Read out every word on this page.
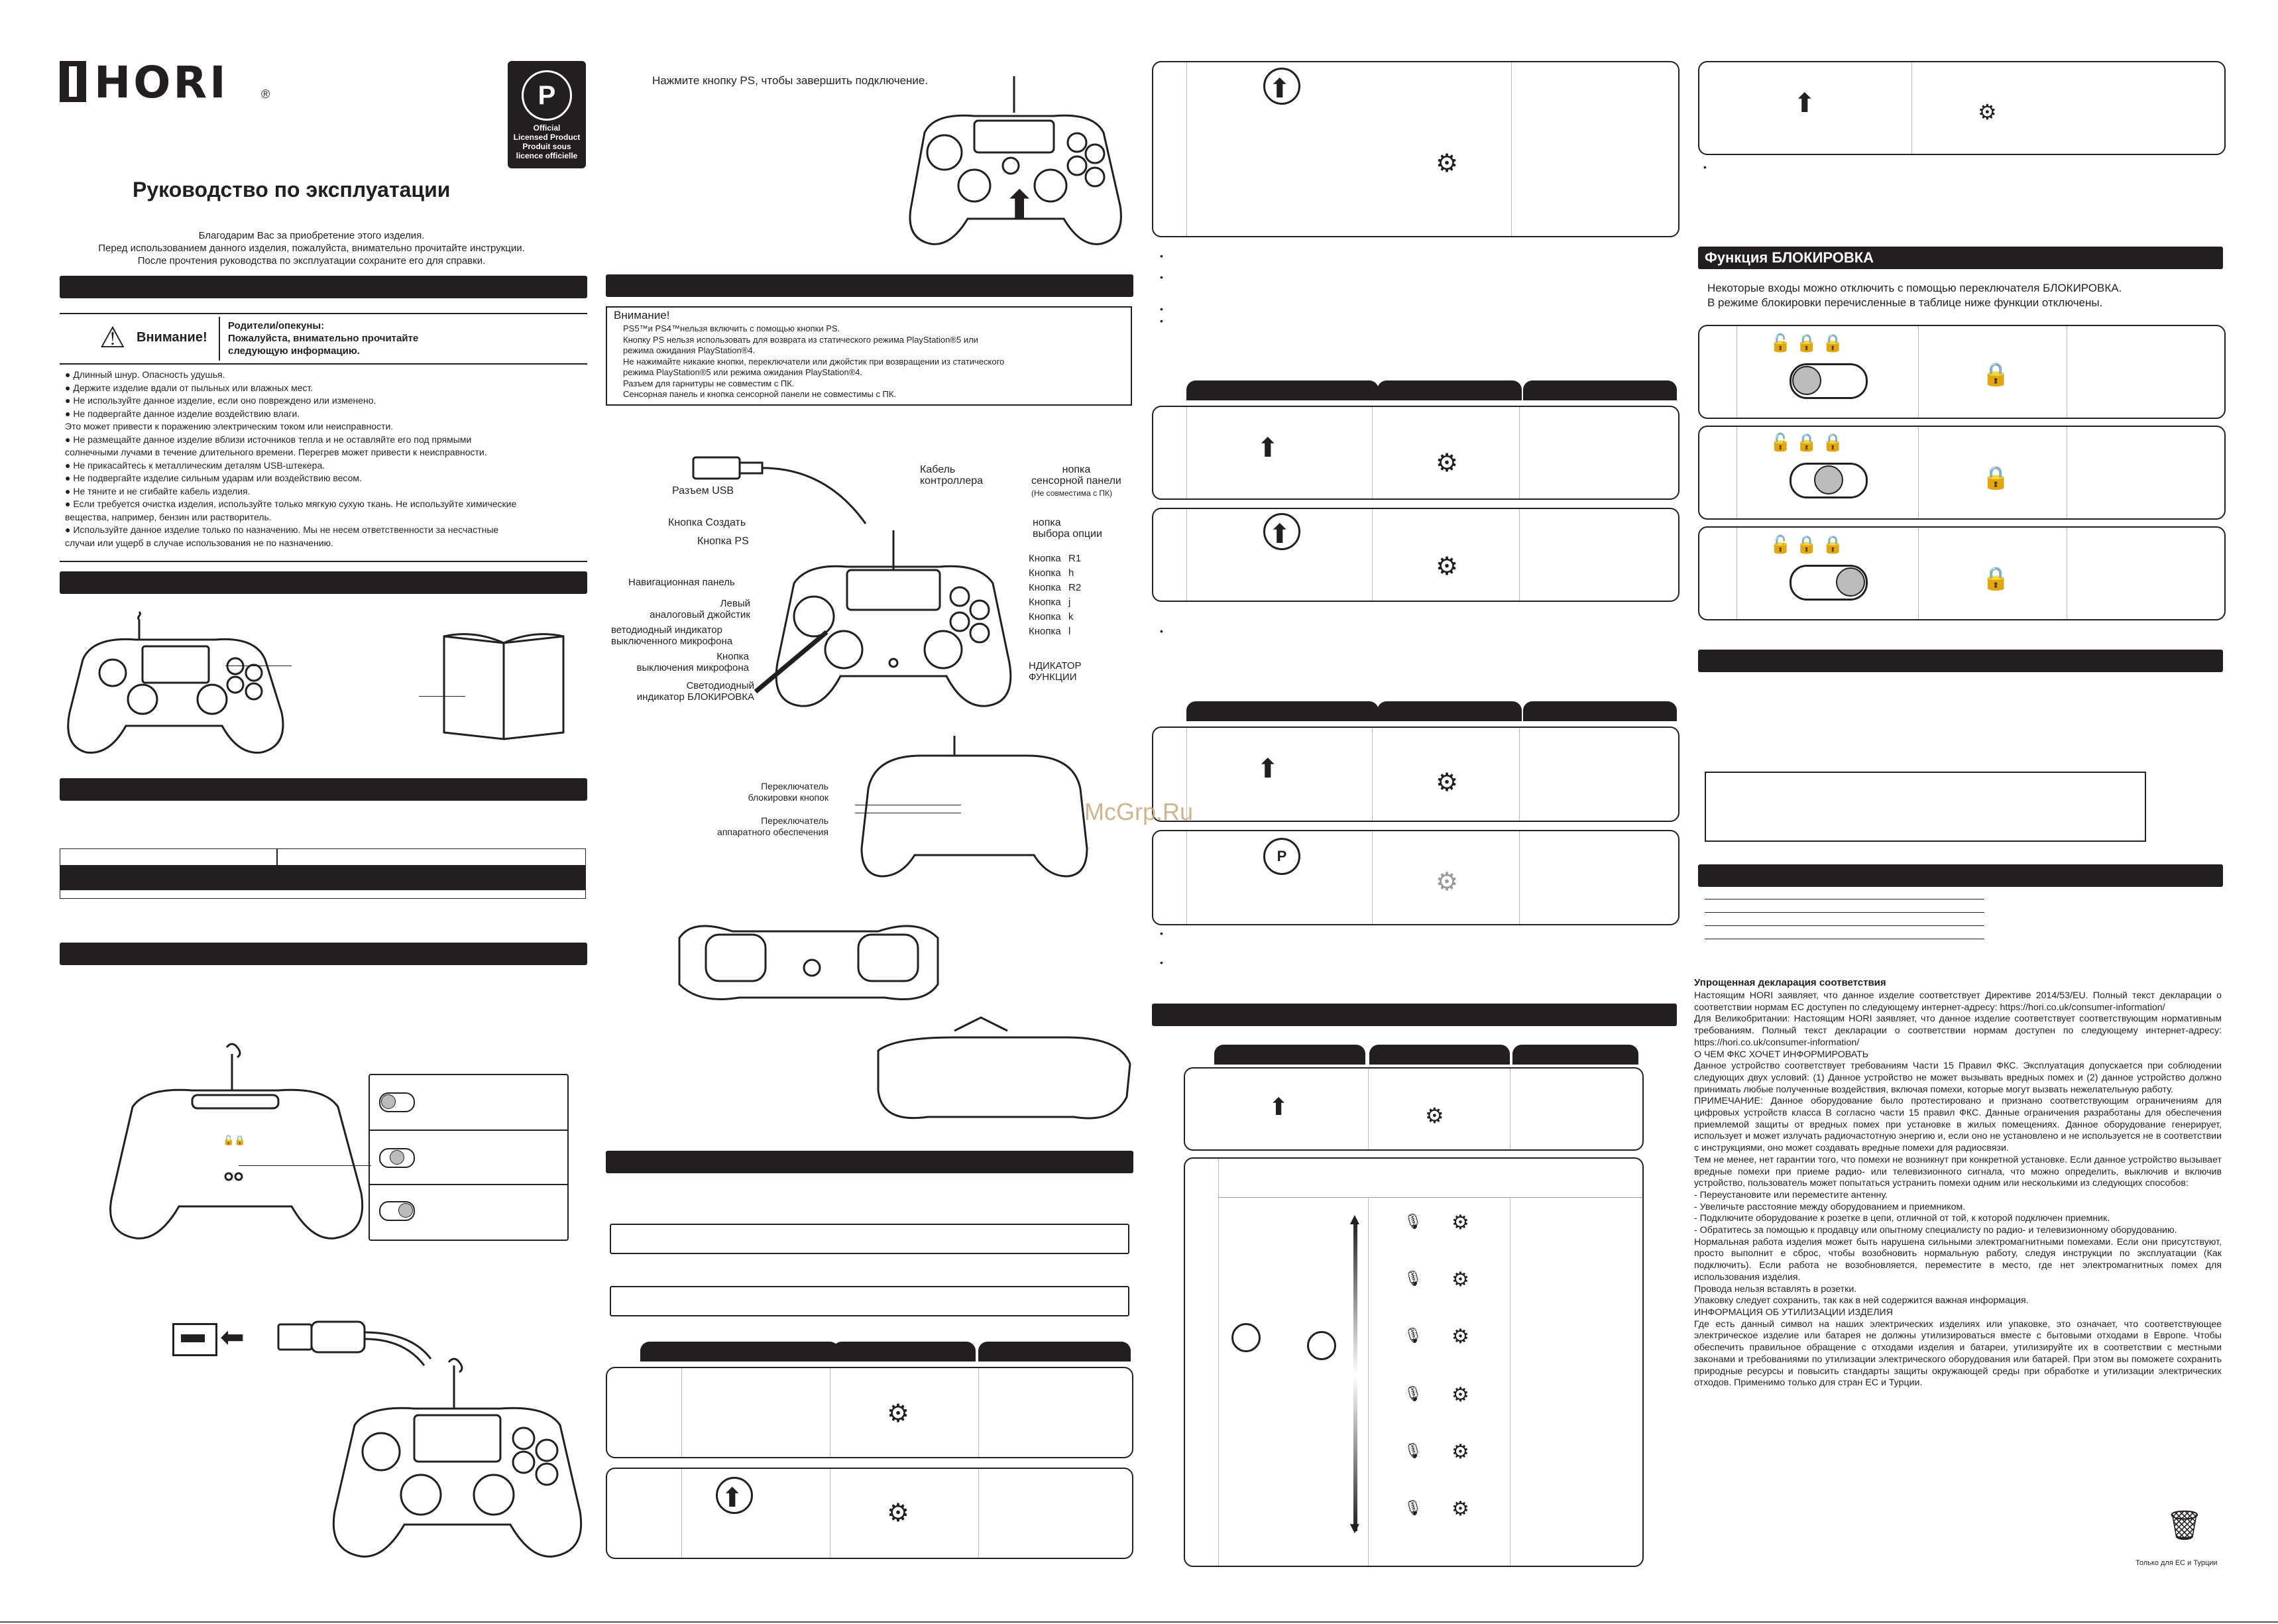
HORI	®	P
Official
Licensed Product
Produit sous
licence officielle
Руководство по эксплуатации
Благодарим Вас за приобретение этого изделия.
Перед использованием данного изделия, пожалуйста, внимательно прочитайте инструкции.
После прочтения руководства по эксплуатации сохраните его для справки.
⚠ Внимание!
Родители/опекуны:
Пожалуйста, внимательно прочитайте
следующую информацию.
● Длинный шнур. Опасность удушья.
● Держите изделие вдали от пыльных или влажных мест.
● Не используйте данное изделие, если оно повреждено или изменено.
● Не подвергайте данное изделие воздействию влаги.
Это может привести к поражению электрическим током или неисправности.
● Не размещайте данное изделие вблизи источников тепла и не оставляйте его под прямыми
солнечными лучами в течение длительного времени. Перегрев может привести к неисправности.
● Не прикасайтесь к металлическим деталям USB-штекера.
● Не подвергайте изделие сильным ударам или воздействию весом.
● Не тяните и не сгибайте кабель изделия.
● Если требуется очистка изделия, используйте только мягкую сухую ткань. Не используйте химические
вещества, например, бензин или растворитель.
● Используйте данное изделие только по назначению. Мы не несем ответственности за несчастные
случаи или ущерб в случае использования не по назначению.
🔓🔒
⬅
Нажмите кнопку PS, чтобы завершить подключение.
⬆
Внимание!
PS5™и PS4™нельзя включить с помощью кнопки PS.
Кнопку PS нельзя использовать для возврата из статического режима PlayStation®5 или
режима ожидания PlayStation®4.
Не нажимайте никакие кнопки, переключатели или джойстик при возвращении из статического
режима PlayStation®5 или режима ожидания PlayStation®4.
Разъем для гарнитуры не совместим с ПК.
Сенсорная панель и кнопка сенсорной панели не совместимы с ПК.
Разъем USB
Кабель
контроллера
нопка
сенсорной панели
(Не совместима с ПК)
Кнопка Создать
Кнопка PS
нопка
выбора опции
Навигационная панель
Левый
аналоговый джойстик
ветодиодный индикатор
выключенного микрофона
Кнопка
выключения микрофона
Светодиодный
индикатор БЛОКИРОВКА
НДИКАТОР
ФУНКЦИИ
Кнопка R1
Кнопка h
Кнопка R2
Кнопка j
Кнопка k
Кнопка l
Переключатель
блокировки кнопок
Переключатель
аппаратного обеспечения
⚙
⬆
⚙
⬆
⚙
•
•
•
•
⬆
⚙
⬆
⚙
•
⬆	⚙
P
⚙
•
•
⬆	⚙
▲
▼
⚙
⚙
⚙
⚙
⚙
⚙
🎙
🎙
🎙
🎙
🎙
🎙
McGrp.Ru
⬆	⚙
•
Функция БЛОКИРОВКА
Некоторые входы можно отключить с помощью переключателя БЛОКИРОВКА.
В режиме блокировки перечисленные в таблице ниже функции отключены.
🔓 🔒 🔒
🔒
🔓 🔒 🔒
🔒
🔓 🔒 🔒
🔒
Упрощенная декларация соответствия
Настоящим HORI заявляет, что данное изделие соответствует Директиве 2014/53/EU. Полный текст декларации о соответствии нормам ЕС доступен по следующему интернет-адресу: https://hori.co.uk/consumer-information/
Для Великобритании: Настоящим HORI заявляет, что данное изделие соответствует соответствующим нормативным требованиям. Полный текст декларации о соответствии нормам доступен по следующему интернет-адресу: https://hori.co.uk/consumer-information/
О ЧЕМ ФКС ХОЧЕТ ИНФОРМИРОВАТЬ
Данное устройство соответствует требованиям Части 15 Правил ФКС. Эксплуатация допускается при соблюдении следующих двух условий: (1) Данное устройство не может вызывать вредных помех и (2) данное устройство должно принимать любые полученные воздействия, включая помехи, которые могут вызвать нежелательную работу.
ПРИМЕЧАНИЕ: Данное оборудование было протестировано и признано соответствующим ограничениям для цифровых устройств класса B согласно части 15 правил ФКС. Данные ограничения разработаны для обеспечения приемлемой защиты от вредных помех при установке в жилых помещениях. Данное оборудование генерирует, использует и может излучать радиочастотную энергию и, если оно не установлено и не используется не в соответствии с инструкциями, оно может создавать вредные помехи для радиосвязи.
Тем не менее, нет гарантии того, что помехи не возникнут при конкретной установке. Если данное устройство вызывает вредные помехи при приеме радио- или телевизионного сигнала, что можно определить, выключив и включив устройство, пользователь может попытаться устранить помехи одним или несколькими из следующих способов:
- Переустановите или переместите антенну.
- Увеличьте расстояние между оборудованием и приемником.
- Подключите оборудование к розетке в цепи, отличной от той, к которой подключен приемник.
- Обратитесь за помощью к продавцу или опытному специалисту по радио- и телевизионному оборудованию.
Нормальная работа изделия может быть нарушена сильными электромагнитными помехами. Если они присутствуют, просто выполнит е сброс, чтобы возобновить нормальную работу, следуя инструкции по эксплуатации (Как подключить). Если работа не возобновляется, переместите в место, где нет электромагнитных помех для использования изделия.
Провода нельзя вставлять в розетки.
Упаковку следует сохранить, так как в ней содержится важная информация.
ИНФОРМАЦИЯ ОБ УТИЛИЗАЦИИ ИЗДЕЛИЯ
Где есть данный символ на наших электрических изделиях или упаковке, это означает, что соответствующее электрическое изделие или батарея не должны утилизироваться вместе с бытовыми отходами в Европе. Чтобы обеспечить правильное обращение с отходами изделия и батареи, утилизируйте их в соответствии с местными законами и требованиями по утилизации электрического оборудования или батарей. При этом вы поможете сохранить природные ресурсы и повысить стандарты защиты окружающей среды при обработке и утилизации электрических отходов. Применимо только для стран ЕС и Турции.
🗑
Только для ЕС и Турции
